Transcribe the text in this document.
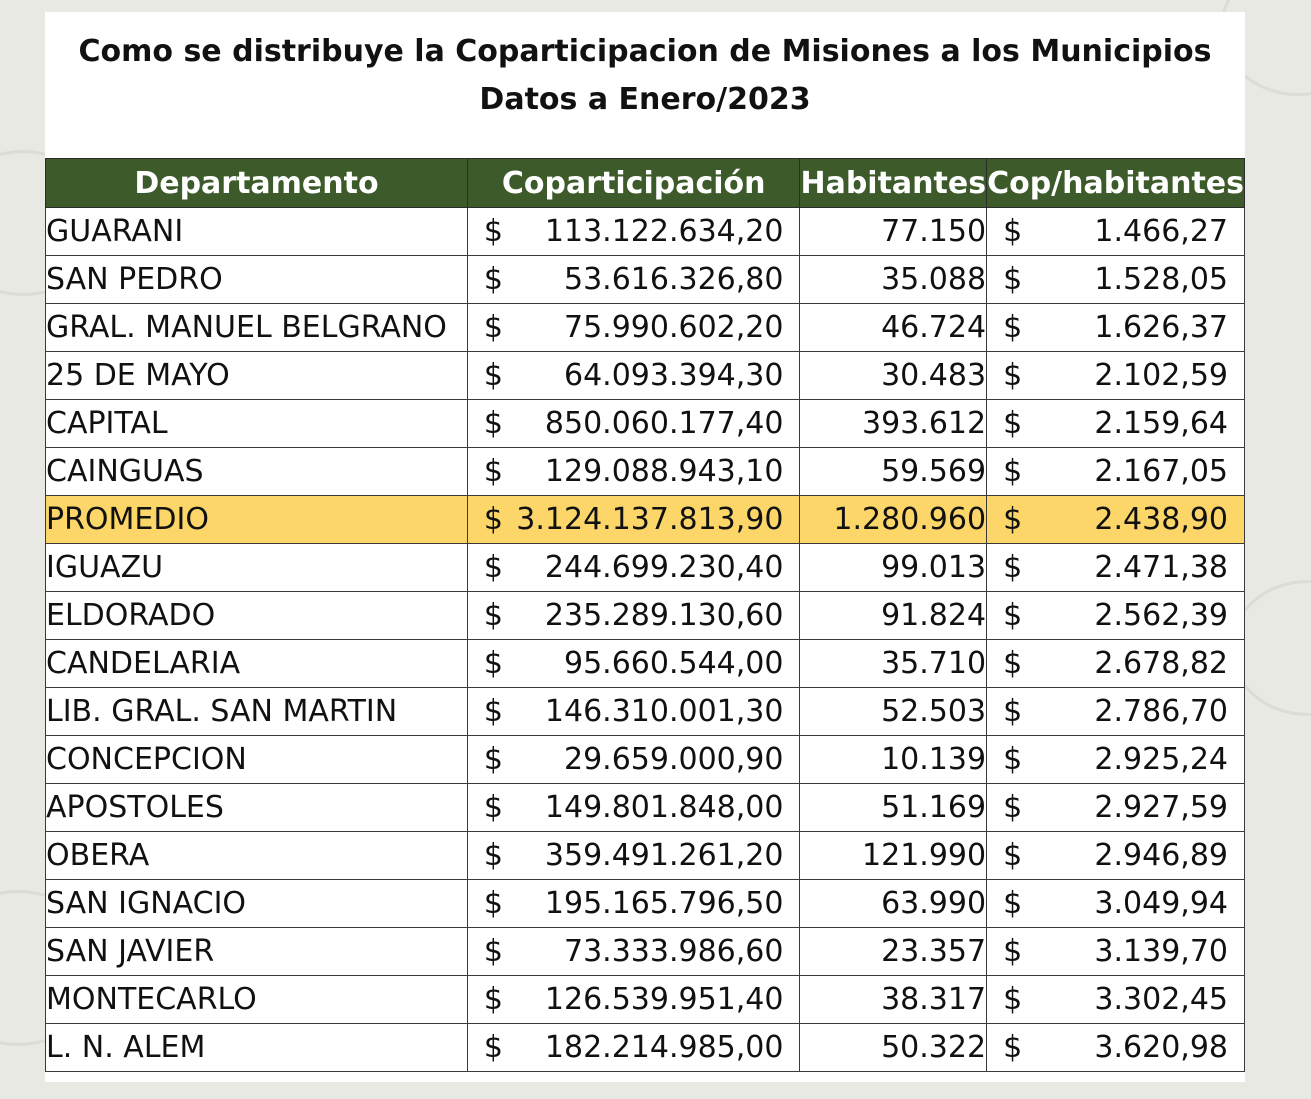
Como se distribuye la Coparticipacion de Misiones a los Municipios
Datos a Enero/2023
Departamento	Coparticipación	Habitantes	Cop/habitantes
GUARANI	$ 113.122.634,20	77.150	$ 1.466,27

SAN PEDRO	$ 53.616.326,80	35.088	$ 1.528,05

GRAL. MANUEL BELGRANO	$ 75.990.602,20	46.724	$ 1.626,37

25 DE MAYO	$ 64.093.394,30	30.483	$ 2.102,59

CAPITAL	$ 850.060.177,40	393.612	$ 2.159,64

CAINGUAS	$ 129.088.943,10	59.569	$ 2.167,05

PROMEDIO	$ 3.124.137.813,90	1.280.960	$ 2.438,90

IGUAZU	$ 244.699.230,40	99.013	$ 2.471,38

ELDORADO	$ 235.289.130,60	91.824	$ 2.562,39

CANDELARIA	$ 95.660.544,00	35.710	$ 2.678,82

LIB. GRAL. SAN MARTIN	$ 146.310.001,30	52.503	$ 2.786,70

CONCEPCION	$ 29.659.000,90	10.139	$ 2.925,24

APOSTOLES	$ 149.801.848,00	51.169	$ 2.927,59

OBERA	$ 359.491.261,20	121.990	$ 2.946,89

SAN IGNACIO	$ 195.165.796,50	63.990	$ 3.049,94

SAN JAVIER	$ 73.333.986,60	23.357	$ 3.139,70

MONTECARLO	$ 126.539.951,40	38.317	$ 3.302,45

L. N. ALEM	$ 182.214.985,00	50.322	$ 3.620,98
